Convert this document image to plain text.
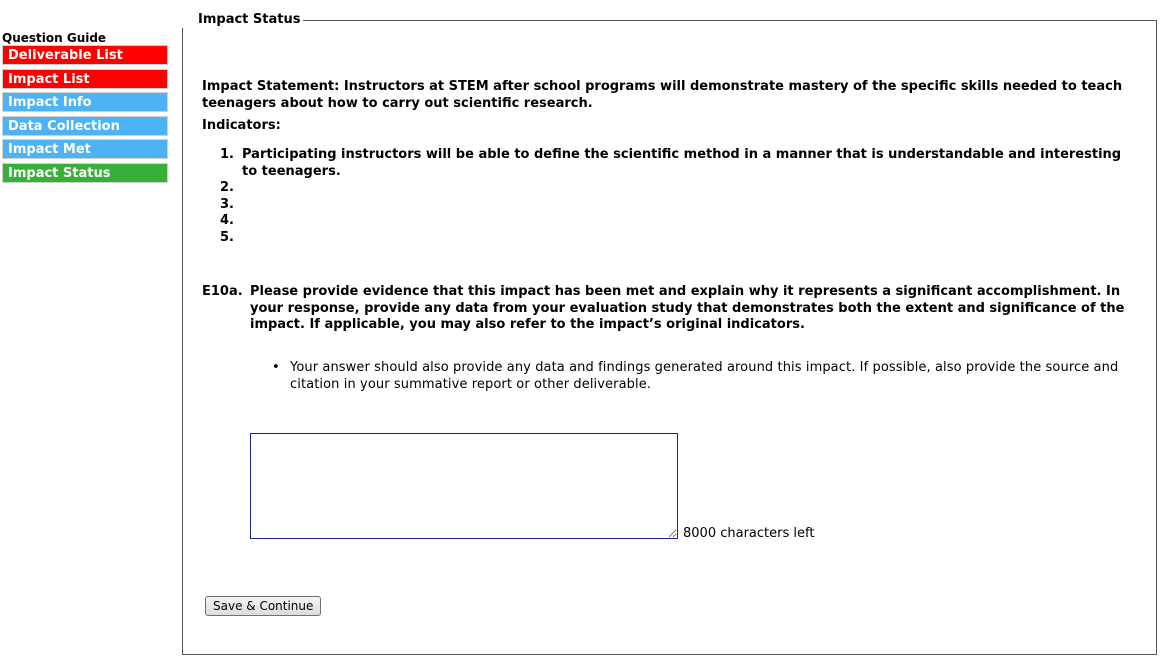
Question Guide
Deliverable List
Impact List
Impact Info
Data Collection
Impact Met
Impact Status
Impact Status
Impact Statement: Instructors at STEM after school programs will demonstrate mastery of the specific skills needed to teach teenagers about how to carry out scientific research.
Indicators:
1. Participating instructors will be able to define the scientific method in a manner that is understandable and interesting to teenagers.
2.
3.
4.
5.
E10a. Please provide evidence that this impact has been met and explain why it represents a significant accomplishment. In your response, provide any data from your evaluation study that demonstrates both the extent and significance of the impact. If applicable, you may also refer to the impact’s original indicators.
• Your answer should also provide any data and findings generated around this impact. If possible, also provide the source and citation in your summative report or other deliverable.
8000 characters left
Save & Continue
